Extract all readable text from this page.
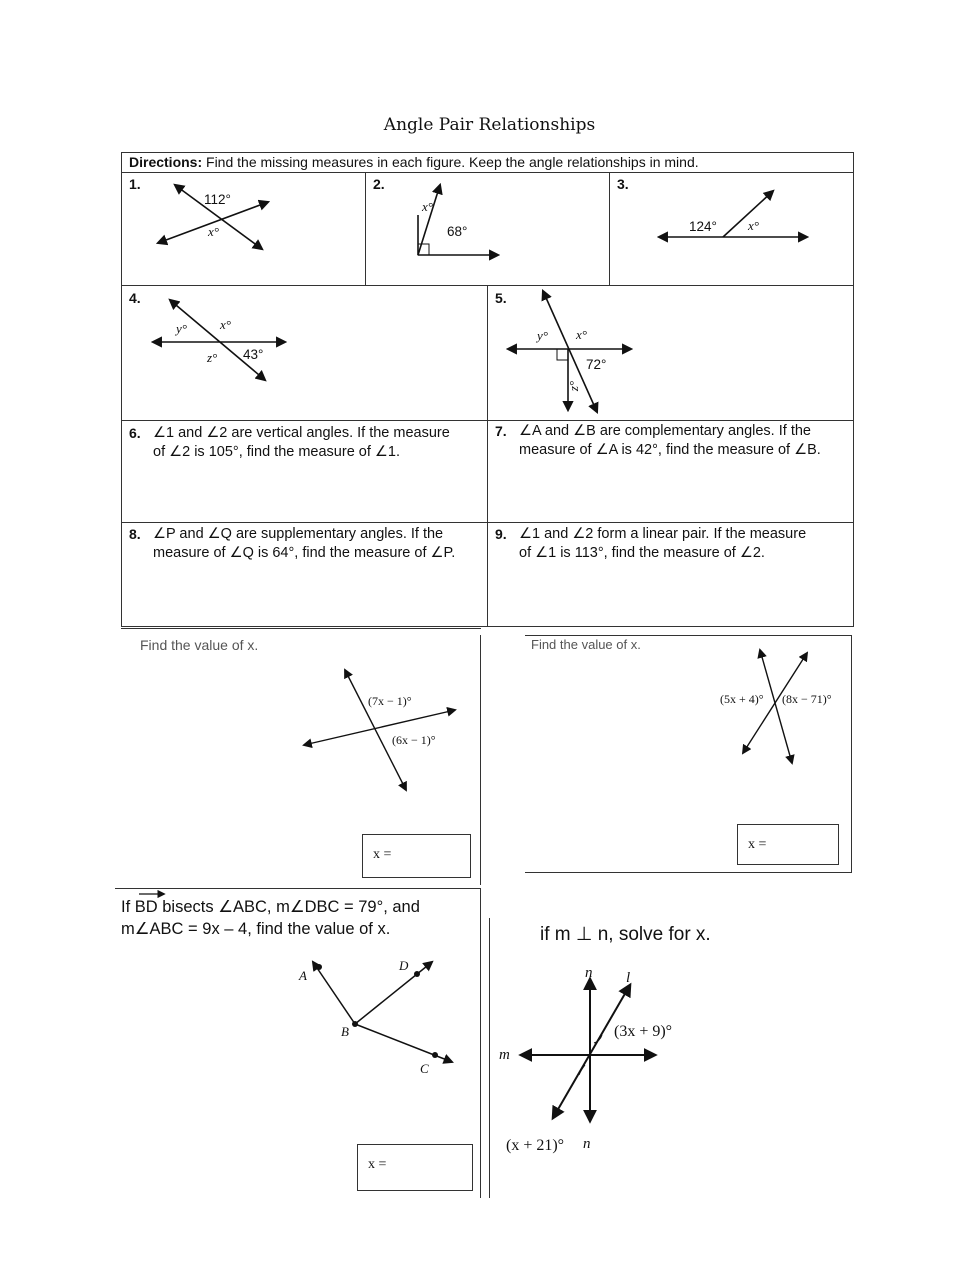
Angle Pair Relationships
Directions: Find the missing measures in each figure. Keep the angle relationships in mind.
1.
112°
x°
2.
x°
68°
3.
124° x°
4.
y°	x°
z° 43°
5.
y° x°
z°
72°
6. ∠1 and ∠2 are vertical angles. If the measure
of ∠2 is 105°, find the measure of ∠1.
7. ∠A and ∠B are complementary angles. If the
measure of ∠A is 42°, find the measure of ∠B.
8. ∠P and ∠Q are supplementary angles. If the
measure of ∠Q is 64°, find the measure of ∠P.
9. ∠1 and ∠2 form a linear pair. If the measure
of ∠1 is 113°, find the measure of ∠2.
Find the value of x.
(7x − 1)°
(6x − 1)°
x =
Find the value of x.
(5x + 4)° (8x − 71)°
x =
If BD bisects ∠ABC, m∠DBC = 79°, and
m∠ABC = 9x – 4, find the value of x.
A
D
B
C
x =
if m ⊥ n, solve for x.
n l
m
(3x + 9)°
(x + 21)° n
